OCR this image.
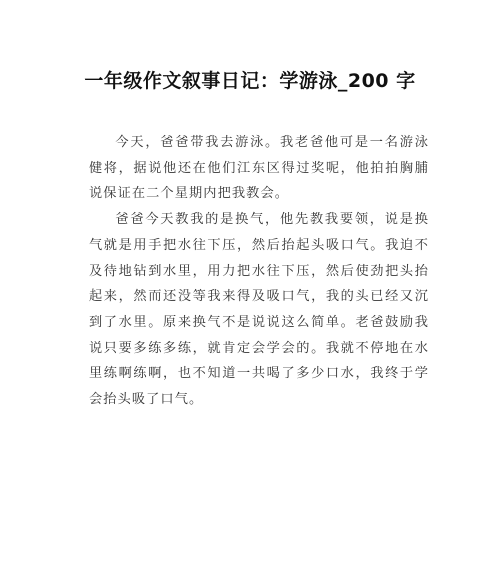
一年级作文叙事日记：学游泳_200 字

今天，爸爸带我去游泳。我老爸他可是一名游泳健将，据说他还在他们江东区得过奖呢，他拍拍胸脯说保证在二个星期内把我教会。

爸爸今天教我的是换气，他先教我要领，说是换气就是用手把水往下压，然后抬起头吸口气。我迫不及待地钻到水里，用力把水往下压，然后使劲把头抬起来，然而还没等我来得及吸口气，我的头已经又沉到了水里。原来换气不是说说这么简单。老爸鼓励我说只要多练多练，就肯定会学会的。我就不停地在水里练啊练啊，也不知道一共喝了多少口水，我终于学会抬头吸了口气。
